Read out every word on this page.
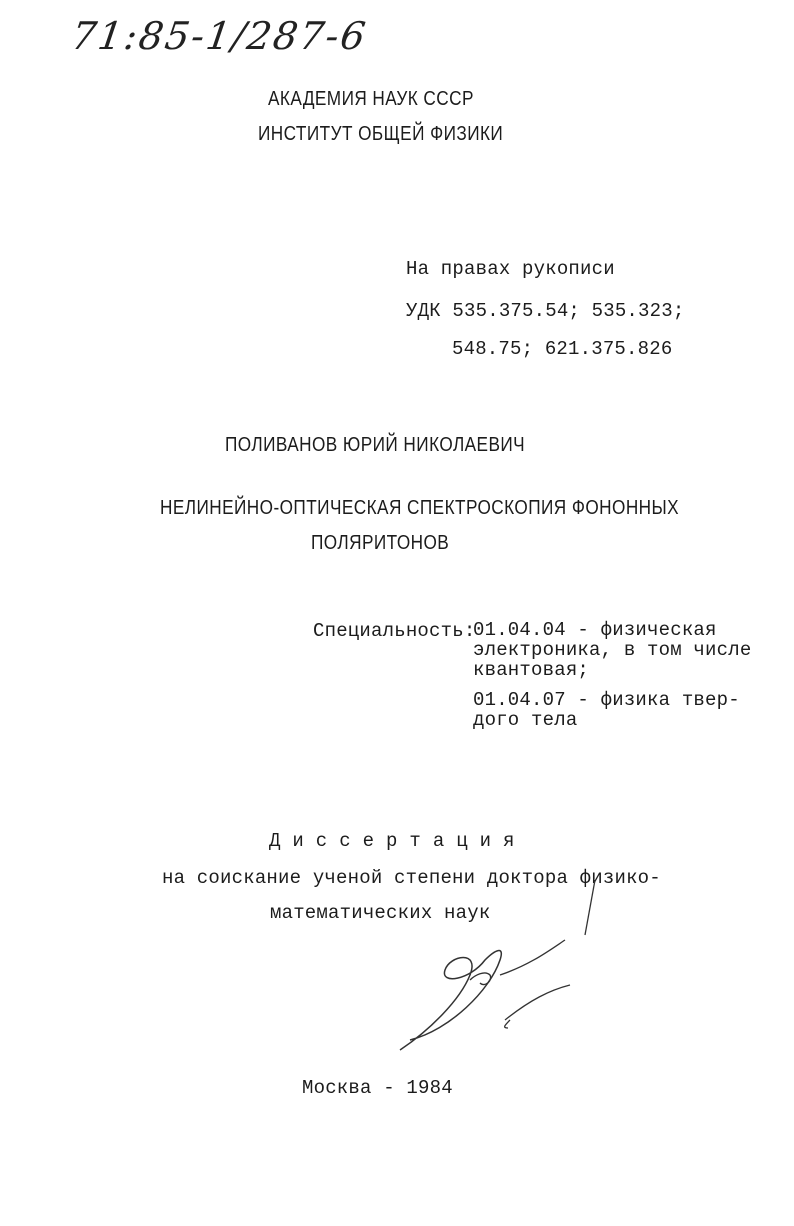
71:85-1/287-6
АКАДЕМИЯ НАУК СССР
ИНСТИТУТ ОБЩЕЙ ФИЗИКИ
На правах рукописи
УДК 535.375.54; 535.323;
548.75; 621.375.826
ПОЛИВАНОВ ЮРИЙ НИКОЛАЕВИЧ
НЕЛИНЕЙНО-ОПТИЧЕСКАЯ СПЕКТРОСКОПИЯ ФОНОННЫХ
ПОЛЯРИТОНОВ
Специальность:
01.04.04 - физическая
электроника, в том числе
квантовая;
01.04.07 - физика твер-
дого тела
Диссертация
на соискание ученой степени доктора физико-
математических наук
Москва - 1984
